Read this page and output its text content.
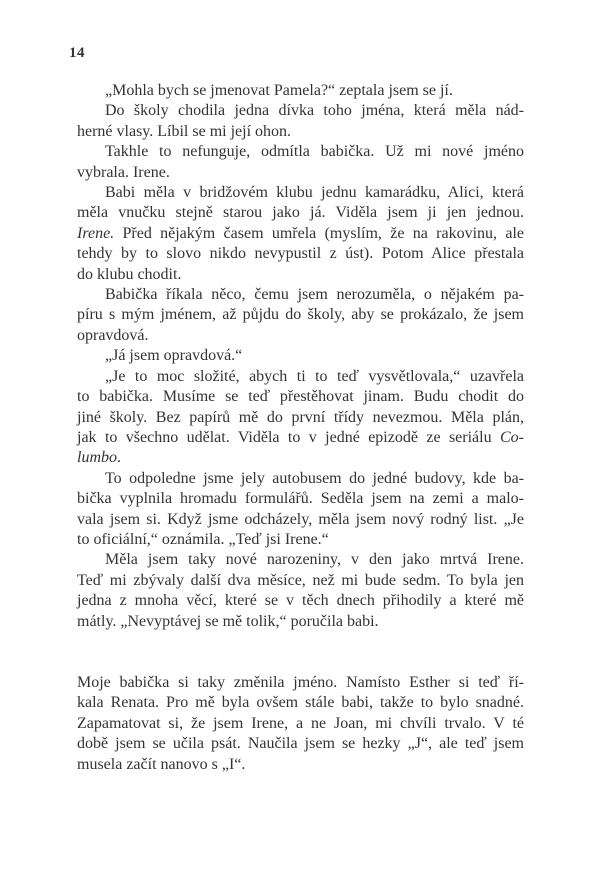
14
„Mohla bych se jmenovat Pamela?“ zeptala jsem se jí.
Do školy chodila jedna dívka toho jména, která měla nád-
herné vlasy. Líbil se mi její ohon.
Takhle to nefunguje, odmítla babička. Už mi nové jméno
vybrala. Irene.
Babi měla v bridžovém klubu jednu kamarádku, Alici, která
měla vnučku stejně starou jako já. Viděla jsem ji jen jednou.
Irene. Před nějakým časem umřela (myslím, že na rakovinu, ale
tehdy by to slovo nikdo nevypustil z úst). Potom Alice přestala
do klubu chodit.
Babička říkala něco, čemu jsem nerozuměla, o nějakém pa-
píru s mým jménem, až půjdu do školy, aby se prokázalo, že jsem
opravdová.
„Já jsem opravdová.“
„Je to moc složité, abych ti to teď vysvětlovala,“ uzavřela
to babička. Musíme se teď přestěhovat jinam. Budu chodit do
jiné školy. Bez papírů mě do první třídy nevezmou. Měla plán,
jak to všechno udělat. Viděla to v jedné epizodě ze seriálu Co-
lumbo.
To odpoledne jsme jely autobusem do jedné budovy, kde ba-
bička vyplnila hromadu formulářů. Seděla jsem na zemi a malo-
vala jsem si. Když jsme odcházely, měla jsem nový rodný list. „Je
to oficiální,“ oznámila. „Teď jsi Irene.“
Měla jsem taky nové narozeniny, v den jako mrtvá Irene.
Teď mi zbývaly další dva měsíce, než mi bude sedm. To byla jen
jedna z mnoha věcí, které se v těch dnech přihodily a které mě
mátly. „Nevyptávej se mě tolik,“ poručila babi.
Moje babička si taky změnila jméno. Namísto Esther si teď ří-
kala Renata. Pro mě byla ovšem stále babi, takže to bylo snadné.
Zapamatovat si, že jsem Irene, a ne Joan, mi chvíli trvalo. V té
době jsem se učila psát. Naučila jsem se hezky „J“, ale teď jsem
musela začít nanovo s „I“.
